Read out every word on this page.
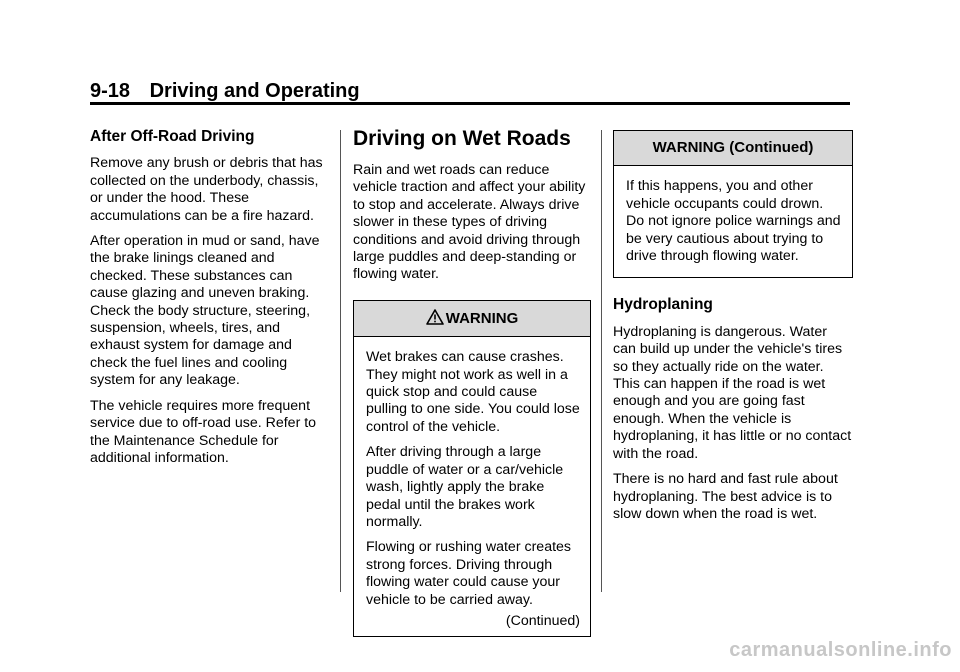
9-18 Driving and Operating
After Off-Road Driving

Remove any brush or debris that has collected on the underbody, chassis, or under the hood. These accumulations can be a fire hazard.

After operation in mud or sand, have the brake linings cleaned and checked. These substances can cause glazing and uneven braking. Check the body structure, steering, suspension, wheels, tires, and exhaust system for damage and check the fuel lines and cooling system for any leakage.

The vehicle requires more frequent service due to off-road use. Refer to the Maintenance Schedule for additional information.

Driving on Wet Roads

Rain and wet roads can reduce vehicle traction and affect your ability to stop and accelerate. Always drive slower in these types of driving conditions and avoid driving through large puddles and deep-standing or flowing water.

WARNING

Wet brakes can cause crashes. They might not work as well in a quick stop and could cause pulling to one side. You could lose control of the vehicle.

After driving through a large puddle of water or a car/vehicle wash, lightly apply the brake pedal until the brakes work normally.

Flowing or rushing water creates strong forces. Driving through flowing water could cause your vehicle to be carried away.

(Continued)
WARNING (Continued)

If this happens, you and other vehicle occupants could drown. Do not ignore police warnings and be very cautious about trying to drive through flowing water.

Hydroplaning

Hydroplaning is dangerous. Water can build up under the vehicle's tires so they actually ride on the water. This can happen if the road is wet enough and you are going fast enough. When the vehicle is hydroplaning, it has little or no contact with the road.

There is no hard and fast rule about hydroplaning. The best advice is to slow down when the road is wet.

carmanualsonline.info
